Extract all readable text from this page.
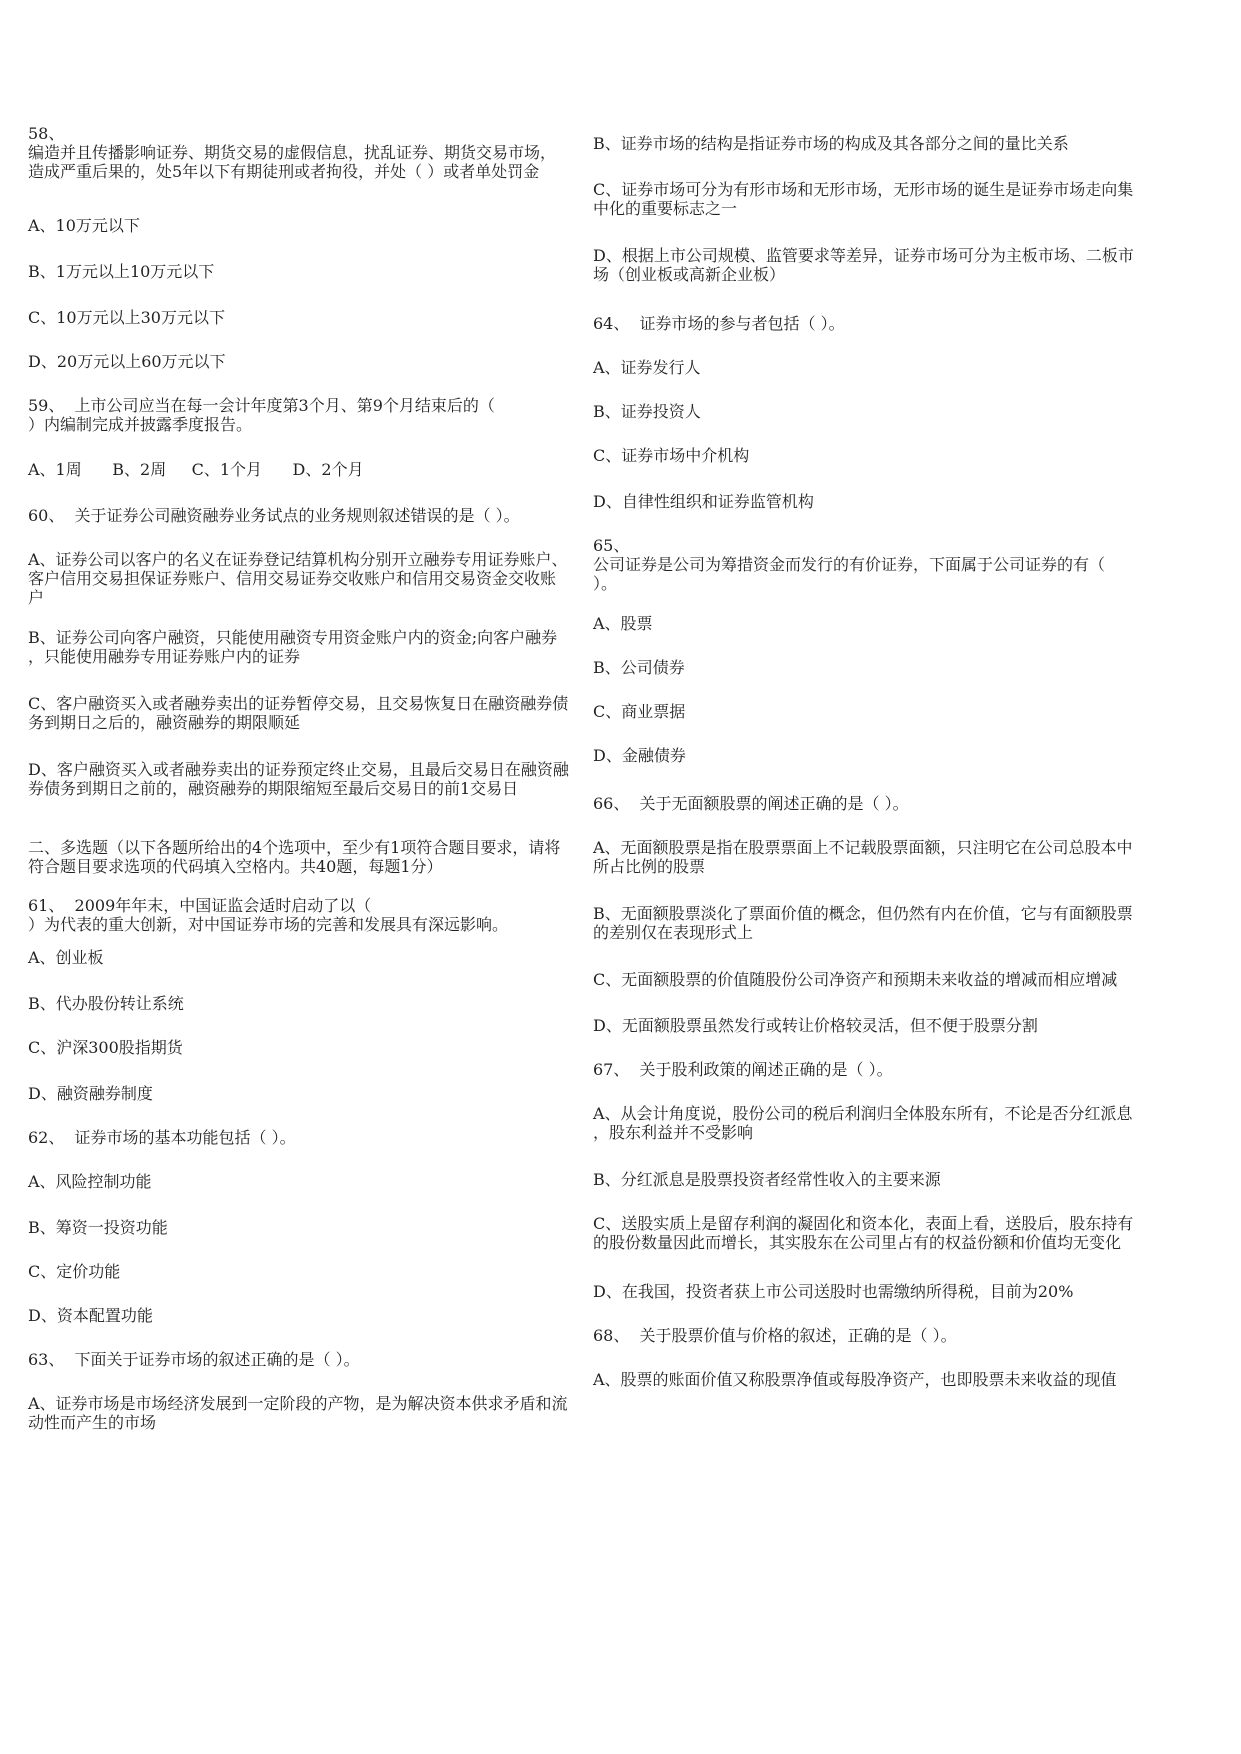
58、
编造并且传播影响证券、期货交易的虚假信息，扰乱证券、期货交易市场，
造成严重后果的，处5年以下有期徒刑或者拘役，并处（ ）或者单处罚金
A、10万元以下
B、1万元以上10万元以下
C、10万元以上30万元以下
D、20万元以上60万元以下
59、  上市公司应当在每一会计年度第3个月、第9个月结束后的（
）内编制完成并披露季度报告。
A、1周      B、2周     C、1个月      D、2个月
60、  关于证券公司融资融券业务试点的业务规则叙述错误的是（ ）。
A、证券公司以客户的名义在证券登记结算机构分别开立融券专用证券账户、
客户信用交易担保证券账户、信用交易证券交收账户和信用交易资金交收账
户
B、证券公司向客户融资，只能使用融资专用资金账户内的资金;向客户融券
，只能使用融券专用证券账户内的证券
C、客户融资买入或者融券卖出的证券暂停交易，且交易恢复日在融资融券债
务到期日之后的，融资融券的期限顺延
D、客户融资买入或者融券卖出的证券预定终止交易，且最后交易日在融资融
券债务到期日之前的，融资融券的期限缩短至最后交易日的前1交易日
二、多选题（以下各题所给出的4个选项中，至少有1项符合题目要求，请将
符合题目要求选项的代码填入空格内。共40题，每题1分）
61、  2009年年末，中国证监会适时启动了以（
）为代表的重大创新，对中国证券市场的完善和发展具有深远影响。
A、创业板
B、代办股份转让系统
C、沪深300股指期货
D、融资融券制度
62、  证券市场的基本功能包括（ ）。
A、风险控制功能
B、筹资一投资功能
C、定价功能
D、资本配置功能
63、  下面关于证券市场的叙述正确的是（ ）。
A、证券市场是市场经济发展到一定阶段的产物，是为解决资本供求矛盾和流
动性而产生的市场
B、证券市场的结构是指证券市场的构成及其各部分之间的量比关系
C、证券市场可分为有形市场和无形市场，无形市场的诞生是证券市场走向集
中化的重要标志之一
D、根据上市公司规模、监管要求等差异，证券市场可分为主板市场、二板市
场（创业板或高新企业板）
64、  证券市场的参与者包括（ ）。
A、证券发行人
B、证券投资人
C、证券市场中介机构
D、自律性组织和证券监管机构
65、
公司证券是公司为筹措资金而发行的有价证券，下面属于公司证券的有（
）。
A、股票
B、公司债券
C、商业票据
D、金融债券
66、  关于无面额股票的阐述正确的是（ ）。
A、无面额股票是指在股票票面上不记载股票面额，只注明它在公司总股本中
所占比例的股票
B、无面额股票淡化了票面价值的概念，但仍然有内在价值，它与有面额股票
的差别仅在表现形式上
C、无面额股票的价值随股份公司净资产和预期未来收益的增减而相应增减
D、无面额股票虽然发行或转让价格较灵活，但不便于股票分割
67、  关于股利政策的阐述正确的是（ ）。
A、从会计角度说，股份公司的税后利润归全体股东所有，不论是否分红派息
，股东利益并不受影响
B、分红派息是股票投资者经常性收入的主要来源
C、送股实质上是留存利润的凝固化和资本化，表面上看，送股后，股东持有
的股份数量因此而增长，其实股东在公司里占有的权益份额和价值均无变化
D、在我国，投资者获上市公司送股时也需缴纳所得税，目前为20%
68、  关于股票价值与价格的叙述，正确的是（ ）。
A、股票的账面价值又称股票净值或每股净资产，也即股票未来收益的现值
